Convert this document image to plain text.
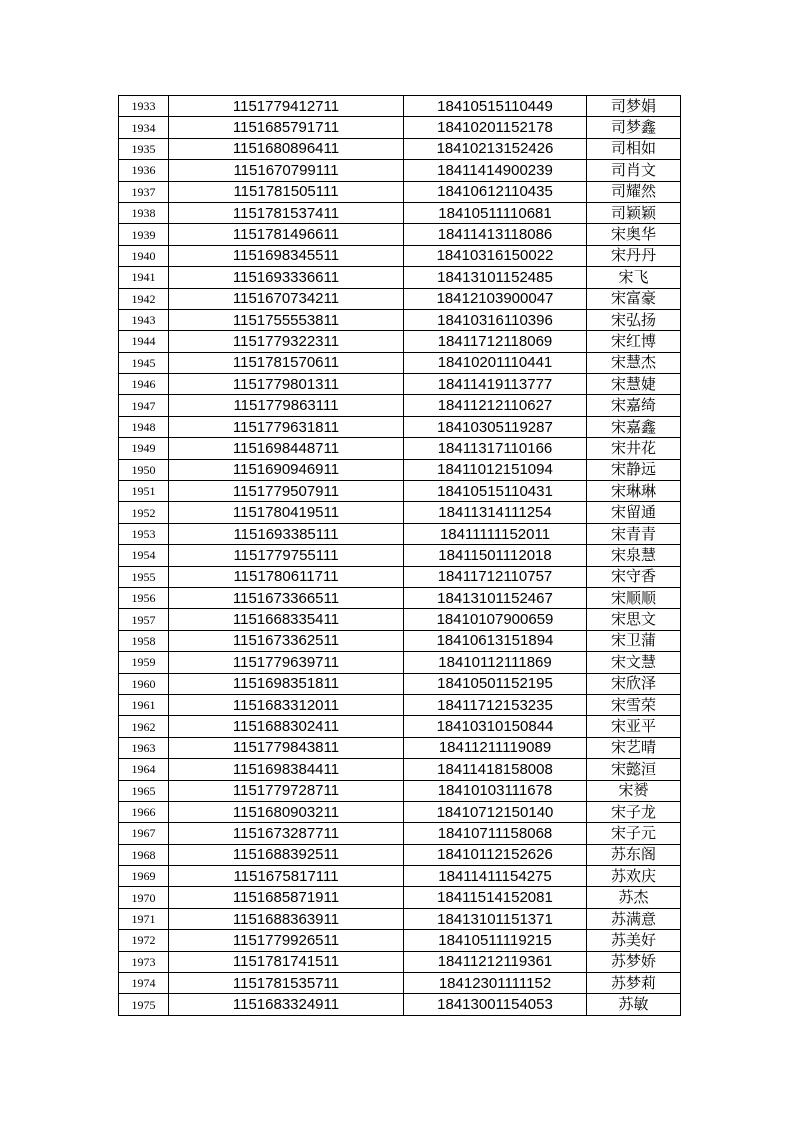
1933	1151779412711	18410515110449	司梦娟
1934	1151685791711	18410201152178	司梦鑫
1935	1151680896411	18410213152426	司相如
1936	1151670799111	18411414900239	司肖文
1937	1151781505111	18410612110435	司耀然
1938	1151781537411	18410511110681	司颖颖
1939	1151781496611	18411413118086	宋奥华
1940	1151698345511	18410316150022	宋丹丹
1941	1151693336611	18413101152485	宋飞
1942	1151670734211	18412103900047	宋富豪
1943	1151755553811	18410316110396	宋弘扬
1944	1151779322311	18411712118069	宋红博
1945	1151781570611	18410201110441	宋慧杰
1946	1151779801311	18411419113777	宋慧婕
1947	1151779863111	18411212110627	宋嘉绮
1948	1151779631811	18410305119287	宋嘉鑫
1949	1151698448711	18411317110166	宋井花
1950	1151690946911	18411012151094	宋静远
1951	1151779507911	18410515110431	宋琳琳
1952	1151780419511	18411314111254	宋留通
1953	1151693385111	18411111152011	宋青青
1954	1151779755111	18411501112018	宋泉慧
1955	1151780611711	18411712110757	宋守香
1956	1151673366511	18413101152467	宋顺顺
1957	1151668335411	18410107900659	宋思文
1958	1151673362511	18410613151894	宋卫蒲
1959	1151779639711	18410112111869	宋文慧
1960	1151698351811	18410501152195	宋欣泽
1961	1151683312011	18411712153235	宋雪荣
1962	1151688302411	18410310150844	宋亚平
1963	1151779843811	18411211119089	宋艺晴
1964	1151698384411	18411418158008	宋懿洹
1965	1151779728711	18410103111678	宋赟
1966	1151680903211	18410712150140	宋子龙
1967	1151673287711	18410711158068	宋子元
1968	1151688392511	18410112152626	苏东阁
1969	1151675817111	18411411154275	苏欢庆
1970	1151685871911	18411514152081	苏杰
1971	1151688363911	18413101151371	苏满意
1972	1151779926511	18410511119215	苏美好
1973	1151781741511	18411212119361	苏梦娇
1974	1151781535711	18412301111152	苏梦莉
1975	1151683324911	18413001154053	苏敏
